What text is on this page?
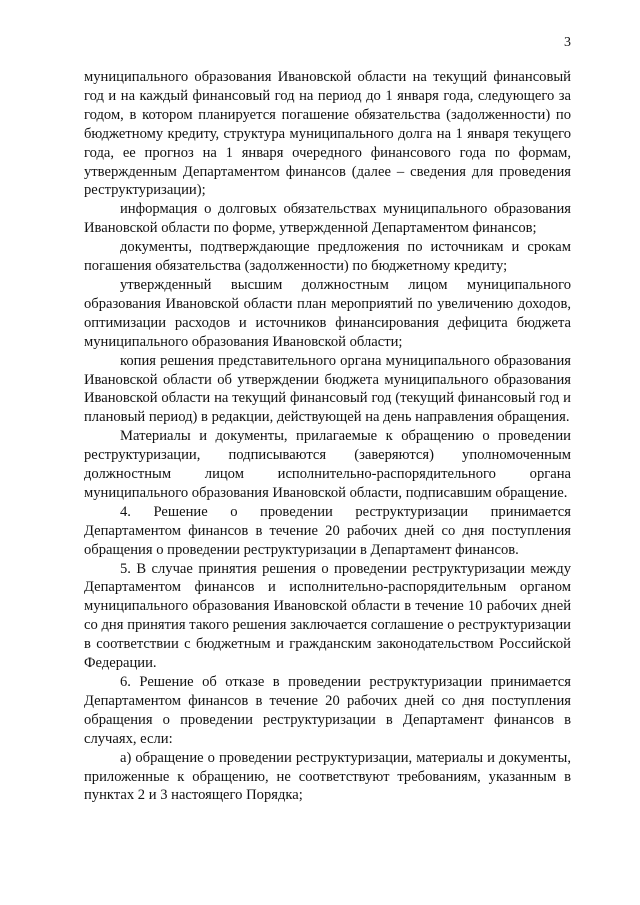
3

муниципального образования Ивановской области на текущий финансовый год и на каждый финансовый год на период до 1 января года, следующего за годом, в котором планируется погашение обязательства (задолженности) по бюджетному кредиту, структура муниципального долга на 1 января текущего года, ее прогноз на 1 января очередного финансового года по формам, утвержденным Департаментом финансов (далее – сведения для проведения реструктуризации);

информация о долговых обязательствах муниципального образования Ивановской области по форме, утвержденной Департаментом финансов;

документы, подтверждающие предложения по источникам и срокам погашения обязательства (задолженности) по бюджетному кредиту;

утвержденный высшим должностным лицом муниципального образования Ивановской области план мероприятий по увеличению доходов, оптимизации расходов и источников финансирования дефицита бюджета муниципального образования Ивановской области;

копия решения представительного органа муниципального образования Ивановской области об утверждении бюджета муниципального образования Ивановской области на текущий финансовый год (текущий финансовый год и плановый период) в редакции, действующей на день направления обращения.

Материалы и документы, прилагаемые к обращению о проведении реструктуризации, подписываются (заверяются) уполномоченным должностным лицом исполнительно-распорядительного органа муниципального образования Ивановской области, подписавшим обращение.

4. Решение о проведении реструктуризации принимается Департаментом финансов в течение 20 рабочих дней со дня поступления обращения о проведении реструктуризации в Департамент финансов.

5. В случае принятия решения о проведении реструктуризации между Департаментом финансов и исполнительно-распорядительным органом муниципального образования Ивановской области в течение 10 рабочих дней со дня принятия такого решения заключается соглашение о реструктуризации в соответствии с бюджетным и гражданским законодательством Российской Федерации.

6. Решение об отказе в проведении реструктуризации принимается Департаментом финансов в течение 20 рабочих дней со дня поступления обращения о проведении реструктуризации в Департамент финансов в случаях, если:

а) обращение о проведении реструктуризации, материалы и документы, приложенные к обращению, не соответствуют требованиям, указанным в пунктах 2 и 3 настоящего Порядка;
